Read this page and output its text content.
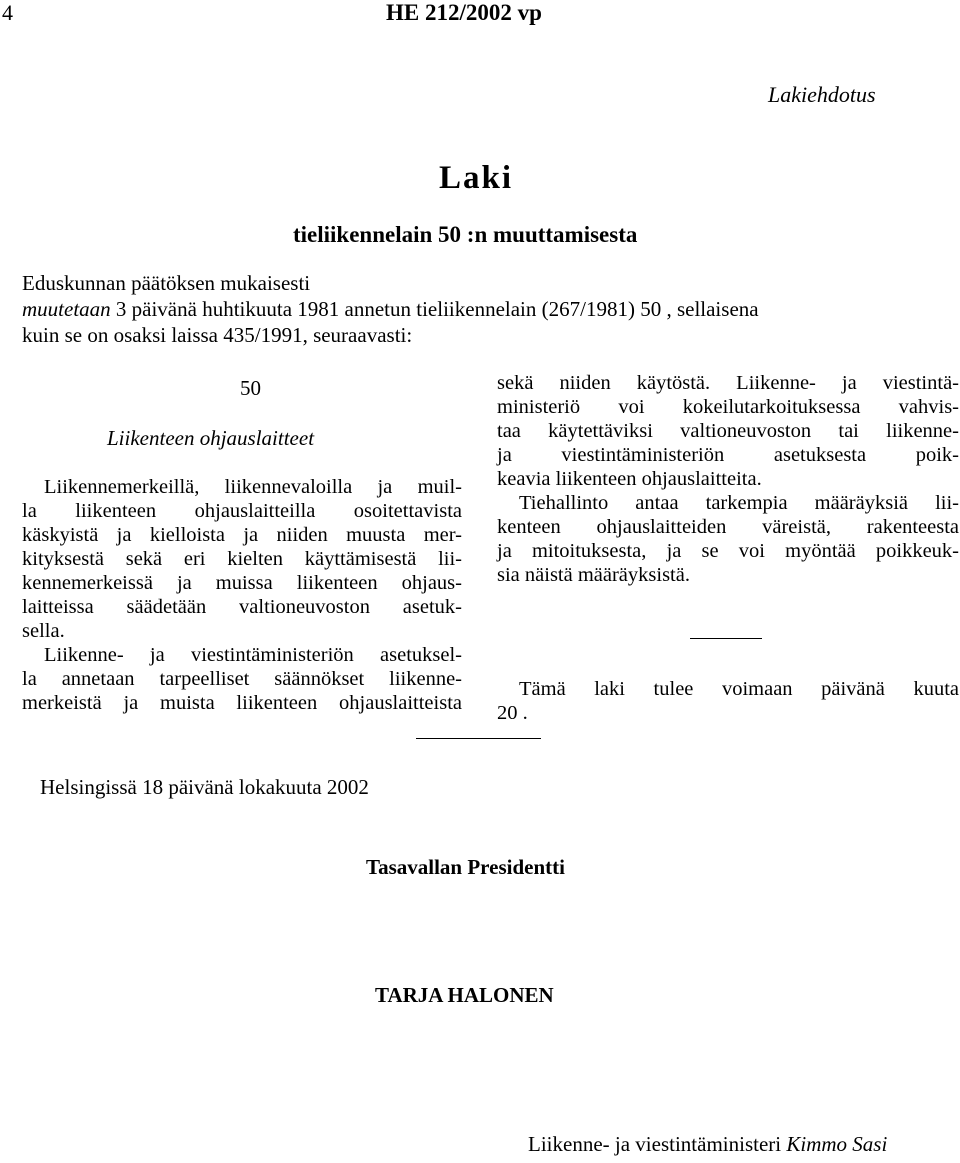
4	HE 212/2002 vp
Lakiehdotus
Laki
tieliikennelain 50 :n muuttamisesta
Eduskunnan päätöksen mukaisesti
muutetaan 3 päivänä huhtikuuta 1981 annetun tieliikennelain (267/1981) 50 , sellaisena
kuin se on osaksi laissa 435/1991, seuraavasti:
50
Liikenteen ohjauslaitteet
Liikennemerkeillä, liikennevaloilla ja muil-
la liikenteen ohjauslaitteilla osoitettavista
käskyistä ja kielloista ja niiden muusta mer-
kityksestä sekä eri kielten käyttämisestä lii-
kennemerkeissä ja muissa liikenteen ohjaus-
laitteissa säädetään valtioneuvoston asetuk-
sella.
Liikenne- ja viestintäministeriön asetuksel-
la annetaan tarpeelliset säännökset liikenne-
merkeistä ja muista liikenteen ohjauslaitteista
sekä niiden käytöstä. Liikenne- ja viestintä-
ministeriö voi kokeilutarkoituksessa vahvis-
taa käytettäviksi valtioneuvoston tai liikenne-
ja viestintäministeriön asetuksesta poik-
keavia liikenteen ohjauslaitteita.
Tiehallinto antaa tarkempia määräyksiä lii-
kenteen ohjauslaitteiden väreistä, rakenteesta
ja mitoituksesta, ja se voi myöntää poikkeuk-
sia näistä määräyksistä.
Tämä laki tulee voimaan päivänä kuuta
20 .
Helsingissä 18 päivänä lokakuuta 2002
Tasavallan Presidentti
TARJA HALONEN
Liikenne- ja viestintäministeri Kimmo Sasi
